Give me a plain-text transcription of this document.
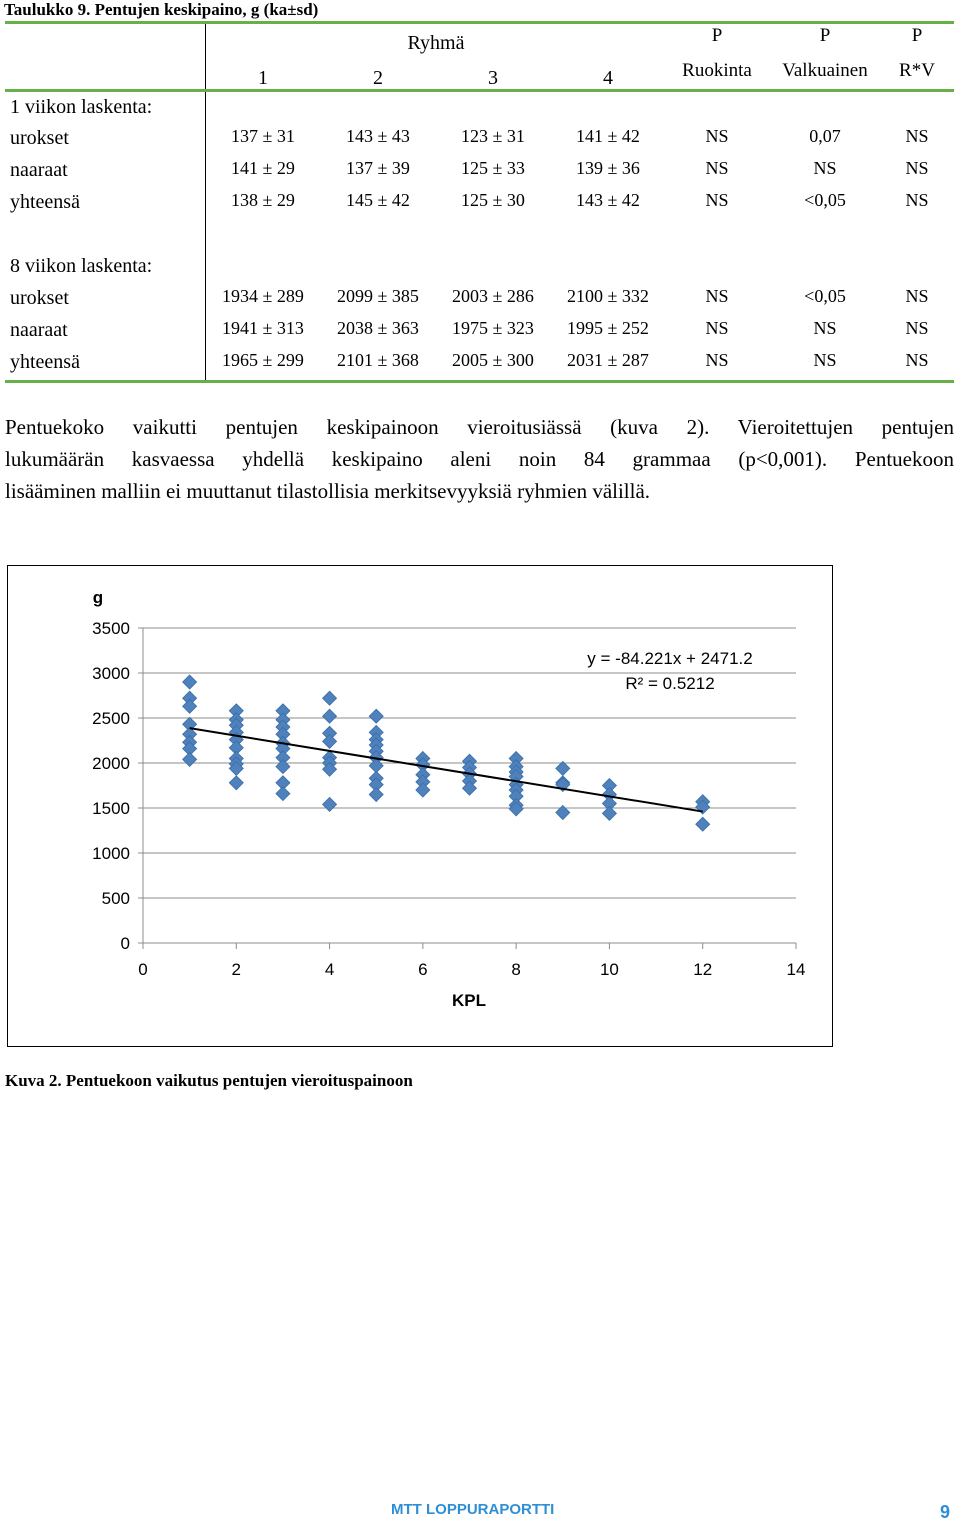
Taulukko 9. Pentujen keskipaino, g (ka±sd)
Ryhmä	P	P	P
1	2	3	4	Ruokinta Valkuainen R*V
1 viikon laskenta:
urokset	137 ± 31	143 ± 43	123 ± 31	141 ± 42	NS	0,07	NS
naaraat	141 ± 29	137 ± 39	125 ± 33	139 ± 36	NS	NS	NS
yhteensä	138 ± 29	145 ± 42	125 ± 30	143 ± 42	NS	<0,05	NS
8 viikon laskenta:
urokset	1934 ± 289 2099 ± 385 2003 ± 286 2100 ± 332	NS	<0,05	NS
naaraat	1941 ± 313 2038 ± 363 1975 ± 323 1995 ± 252	NS	NS	NS
yhteensä	1965 ± 299 2101 ± 368 2005 ± 300 2031 ± 287	NS	NS	NS
Pentuekoko vaikutti pentujen keskipainoon vieroitusiässä (kuva 2). Vieroitettujen pentujen
lukumäärän kasvaessa yhdellä keskipaino aleni noin 84 grammaa (p<0,001). Pentuekoon
lisääminen malliin ei muuttanut tilastollisia merkitsevyyksiä ryhmien välillä.
0
500
1000
1500
2000
2500
3000
3500
0	2	4	6	8	10	12	14
g
KPL
y = -84.221x + 2471.2
R² = 0.5212
Kuva 2. Pentuekoon vaikutus pentujen vieroituspainoon
MTT LOPPURAPORTTI	9
